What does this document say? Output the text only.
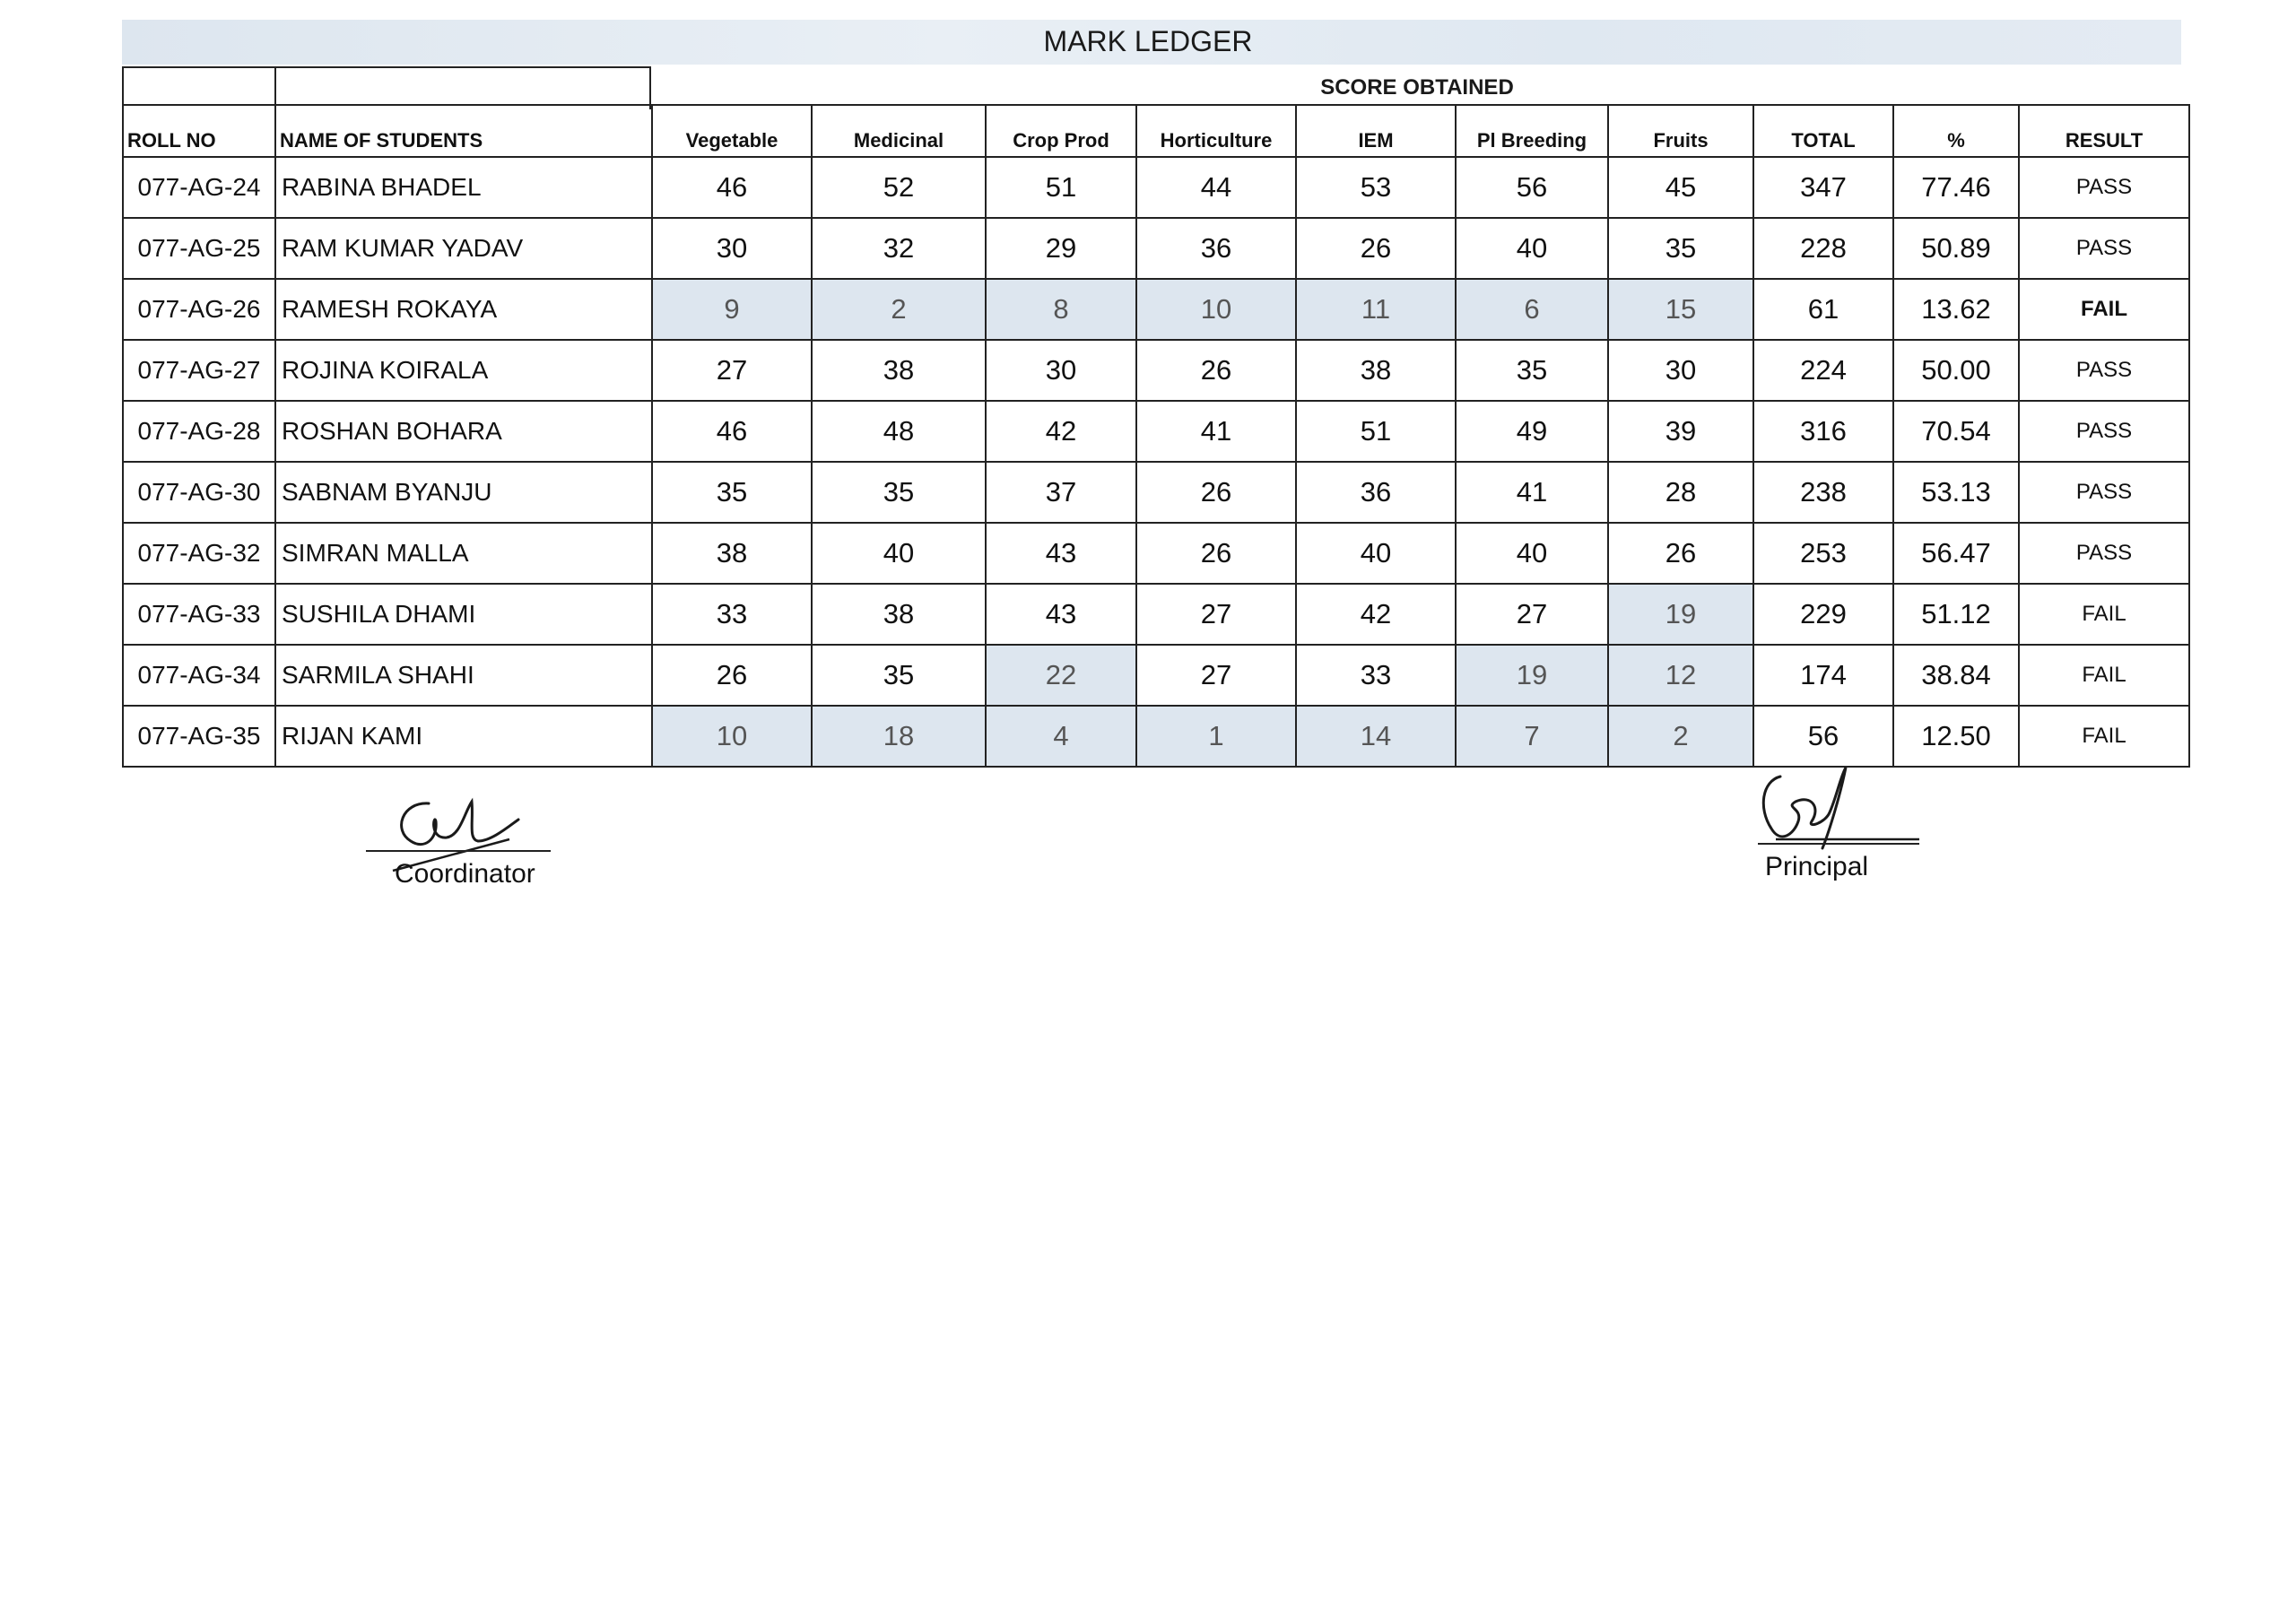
MARK LEDGER
SCORE OBTAINED
ROLL NO	NAME OF STUDENTS	Vegetable	Medicinal	Crop Prod	Horticulture	IEM	Pl Breeding	Fruits	TOTAL	%	RESULT
077-AG-24	RABINA BHADEL	46	52	51	44	53	56	45	347	77.46	PASS
077-AG-25	RAM KUMAR YADAV	30	32	29	36	26	40	35	228	50.89	PASS
077-AG-26	RAMESH ROKAYA	9	2	8	10	11	6	15	61	13.62	FAIL
077-AG-27	ROJINA KOIRALA	27	38	30	26	38	35	30	224	50.00	PASS
077-AG-28	ROSHAN BOHARA	46	48	42	41	51	49	39	316	70.54	PASS
077-AG-30	SABNAM BYANJU	35	35	37	26	36	41	28	238	53.13	PASS
077-AG-32	SIMRAN MALLA	38	40	43	26	40	40	26	253	56.47	PASS
077-AG-33	SUSHILA DHAMI	33	38	43	27	42	27	19	229	51.12	FAIL
077-AG-34	SARMILA SHAHI	26	35	22	27	33	19	12	174	38.84	FAIL
077-AG-35	RIJAN KAMI	10	18	4	1	14	7	2	56	12.50	FAIL
Coordinator	Principal
